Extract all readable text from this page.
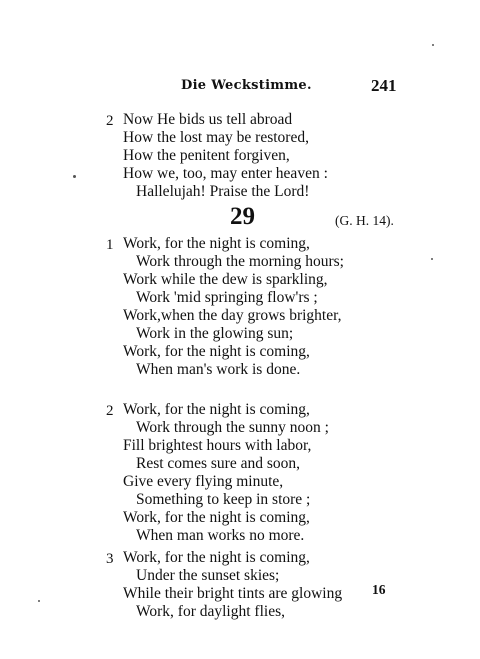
Die Weckstimme.	241
2 Now He bids us tell abroad
How the lost may be restored,
How the penitent forgiven,
How we, too, may enter heaven :
Hallelujah! Praise the Lord!
29	(G. H. 14).
1 Work, for the night is coming,
Work through the morning hours;
Work while the dew is sparkling,
Work 'mid springing flow'rs ;
Work,when the day grows brighter,
Work in the glowing sun;
Work, for the night is coming,
When man's work is done.
2 Work, for the night is coming,
Work through the sunny noon ;
Fill brightest hours with labor,
Rest comes sure and soon,
Give every flying minute,
Something to keep in store ;
Work, for the night is coming,
When man works no more.
3 Work, for the night is coming,
Under the sunset skies;
While their bright tints are glowing
Work, for daylight flies,
16
